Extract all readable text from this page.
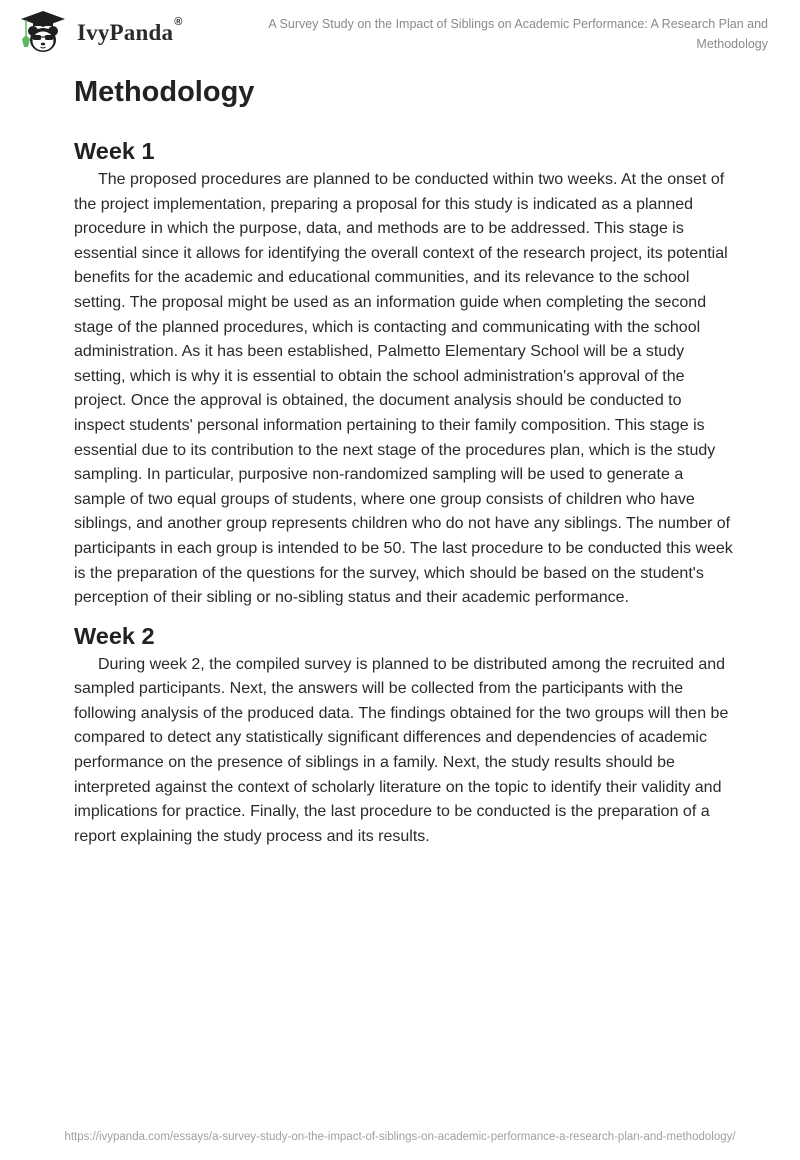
IvyPanda®	A Survey Study on the Impact of Siblings on Academic Performance: A Research Plan and Methodology
Methodology
Week 1

The proposed procedures are planned to be conducted within two weeks. At the onset of the project implementation, preparing a proposal for this study is indicated as a planned procedure in which the purpose, data, and methods are to be addressed. This stage is essential since it allows for identifying the overall context of the research project, its potential benefits for the academic and educational communities, and its relevance to the school setting. The proposal might be used as an information guide when completing the second stage of the planned procedures, which is contacting and communicating with the school administration. As it has been established, Palmetto Elementary School will be a study setting, which is why it is essential to obtain the school administration's approval of the project. Once the approval is obtained, the document analysis should be conducted to inspect students' personal information pertaining to their family composition. This stage is essential due to its contribution to the next stage of the procedures plan, which is the study sampling. In particular, purposive non-randomized sampling will be used to generate a sample of two equal groups of students, where one group consists of children who have siblings, and another group represents children who do not have any siblings. The number of participants in each group is intended to be 50. The last procedure to be conducted this week is the preparation of the questions for the survey, which should be based on the student's perception of their sibling or no-sibling status and their academic performance.

Week 2

During week 2, the compiled survey is planned to be distributed among the recruited and sampled participants. Next, the answers will be collected from the participants with the following analysis of the produced data. The findings obtained for the two groups will then be compared to detect any statistically significant differences and dependencies of academic performance on the presence of siblings in a family. Next, the study results should be interpreted against the context of scholarly literature on the topic to identify their validity and implications for practice. Finally, the last procedure to be conducted is the preparation of a report explaining the study process and its results.

https://ivypanda.com/essays/a-survey-study-on-the-impact-of-siblings-on-academic-performance-a-research-plan-and-methodology/
